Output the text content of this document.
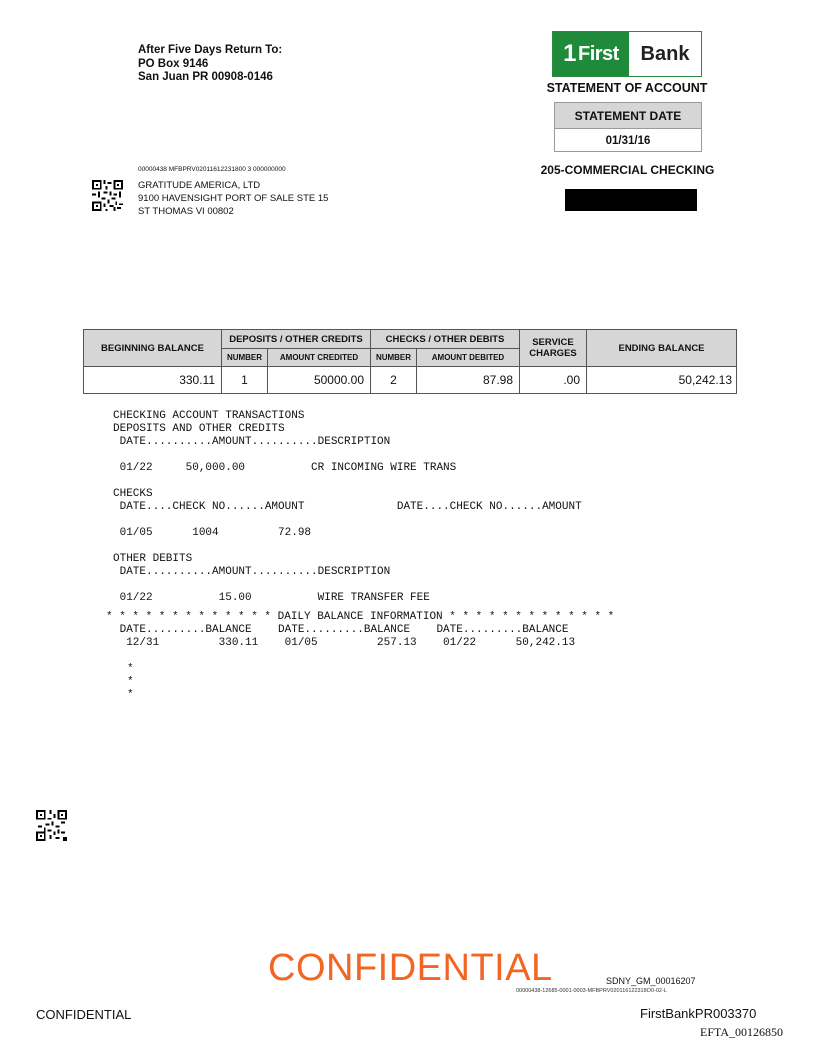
After Five Days Return To:
PO Box 9146
San Juan PR 00908-0146
1 First	Bank
STATEMENT OF ACCOUNT
STATEMENT DATE
01/31/16
205-COMMERCIAL CHECKING
00000438 MFBPRV02011612231800 3 000000000
GRATITUDE AMERICA, LTD
9100 HAVENSIGHT PORT OF SALE STE 15
ST THOMAS VI 00802
BEGINNING BALANCE	DEPOSITS / OTHER CREDITS		CHECKS / OTHER DEBITS		SERVICE
CHARGES	ENDING BALANCE
	NUMBER	AMOUNT CREDITED	NUMBER	AMOUNT DEBITED		
330.11	1	50000.00	2	87.98	.00	50,242.13
CHECKING ACCOUNT TRANSACTIONS
DEPOSITS AND OTHER CREDITS
DATE..........AMOUNT..........DESCRIPTION
01/22     50,000.00          CR INCOMING WIRE TRANS
CHECKS
DATE....CHECK NO......AMOUNT              DATE....CHECK NO......AMOUNT
01/05      1004         72.98
OTHER DEBITS
DATE..........AMOUNT..........DESCRIPTION
01/22          15.00          WIRE TRANSFER FEE
* * * * * * * * * * * * * DAILY BALANCE INFORMATION * * * * * * * * * * * * *
DATE.........BALANCE    DATE.........BALANCE    DATE.........BALANCE
12/31         330.11    01/05         257.13    01/22      50,242.13
*
*
*
CONFIDENTIAL	SDNY_GM_00016207
00000438-12685-0001-0003-MFBPRV020116122318O0-02-L
CONFIDENTIAL	FirstBankPR003370
EFTA_00126850
